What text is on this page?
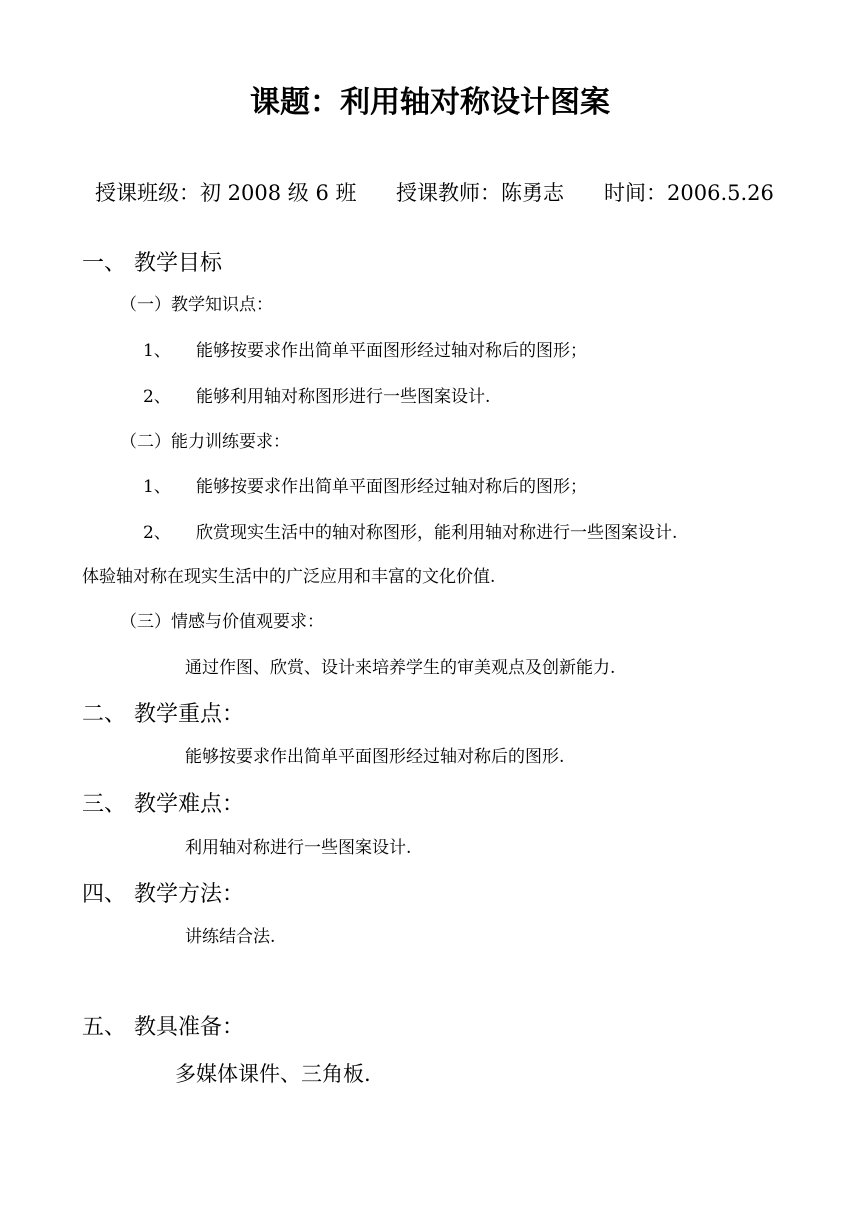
课题：利用轴对称设计图案
授课班级：初 2008 级 6 班 授课教师：陈勇志 时间：2006.5.26
一、 教学目标
（一）教学知识点：
1、 能够按要求作出简单平面图形经过轴对称后的图形；
2、 能够利用轴对称图形进行一些图案设计.
（二）能力训练要求：
1、 能够按要求作出简单平面图形经过轴对称后的图形；
2、 欣赏现实生活中的轴对称图形，能利用轴对称进行一些图案设计.
体验轴对称在现实生活中的广泛应用和丰富的文化价值.
（三）情感与价值观要求：
通过作图、欣赏、设计来培养学生的审美观点及创新能力.
二、 教学重点：
能够按要求作出简单平面图形经过轴对称后的图形.
三、 教学难点：
利用轴对称进行一些图案设计.
四、 教学方法：
讲练结合法.
五、 教具准备：
多媒体课件、三角板.
